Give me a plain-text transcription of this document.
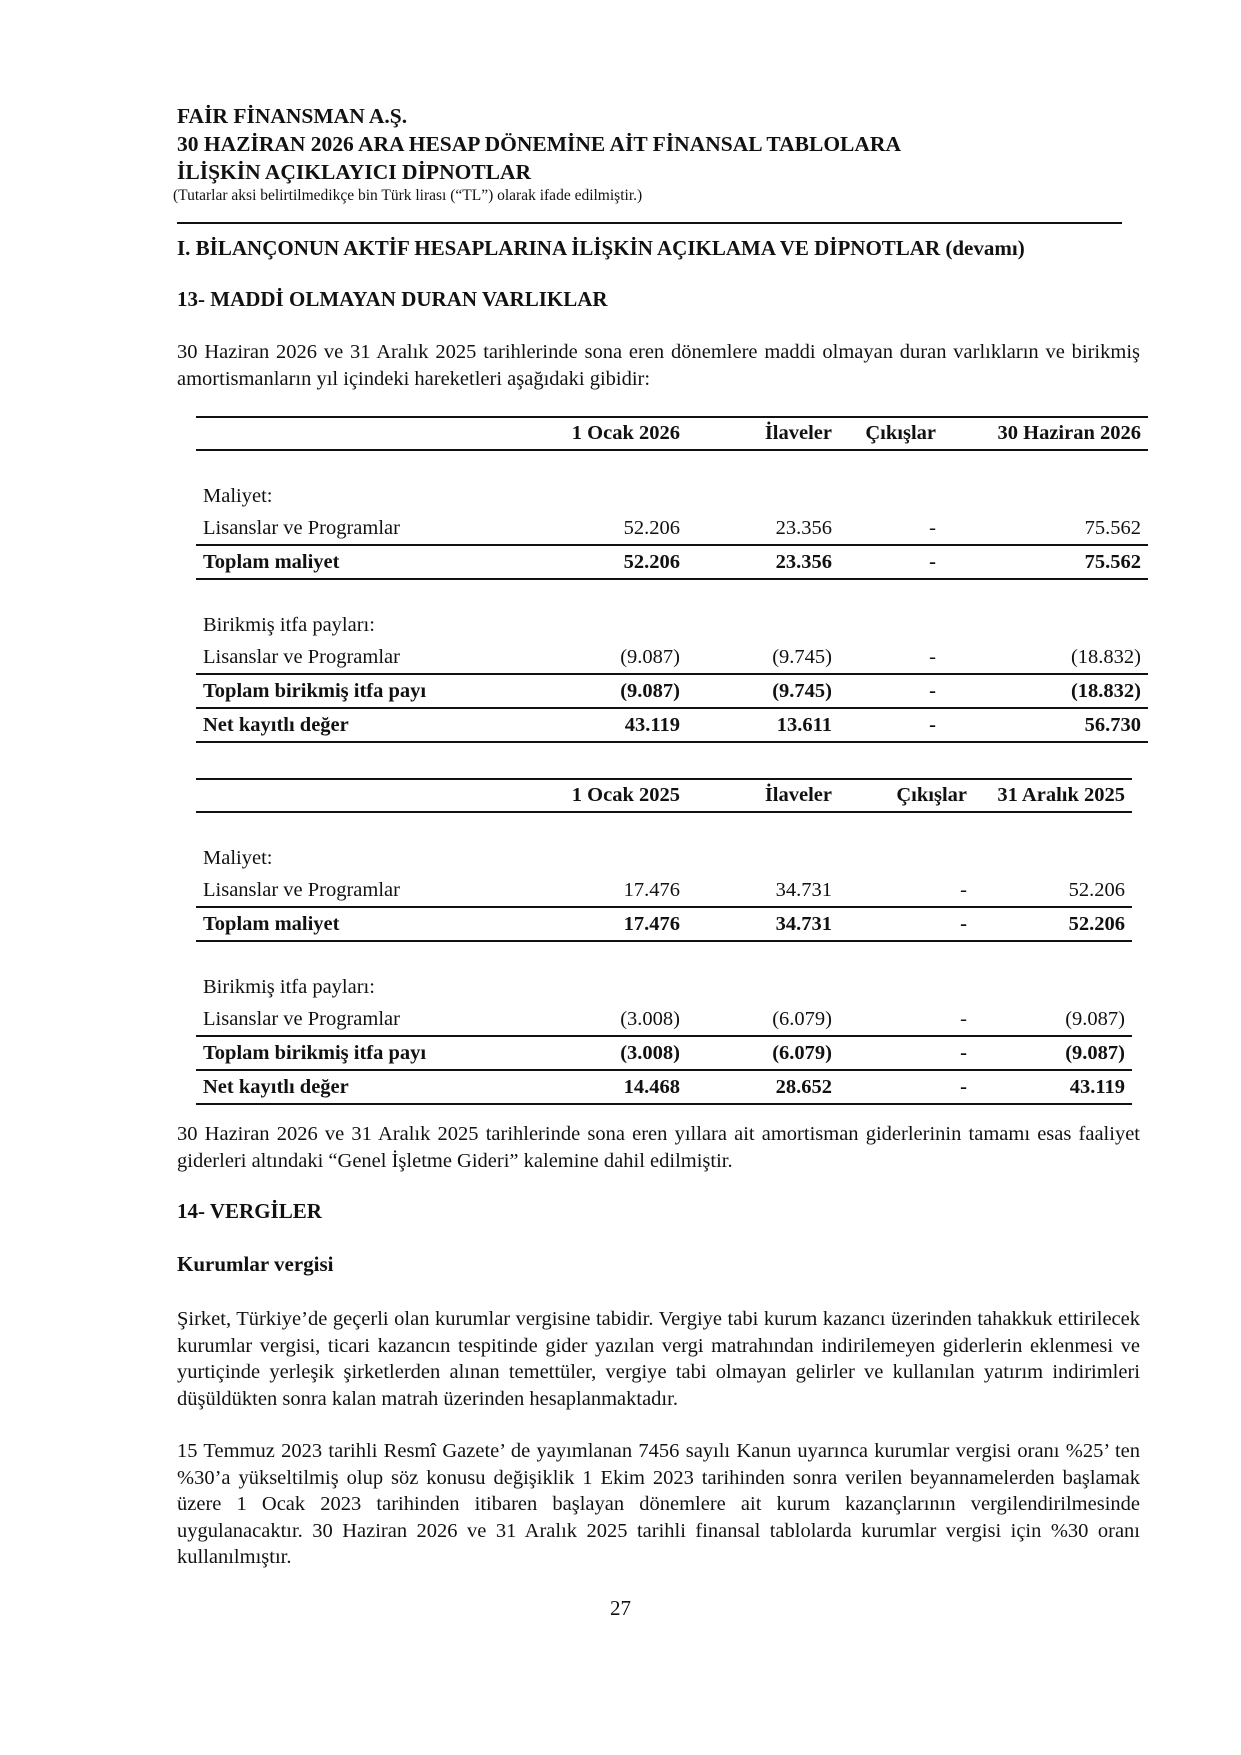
FAİR FİNANSMAN A.Ş.
30 HAZİRAN 2026 ARA HESAP DÖNEMİNE AİT FİNANSAL TABLOLARA
İLİŞKİN AÇIKLAYICI DİPNOTLAR
(Tutarlar aksi belirtilmedikçe bin Türk lirası (“TL”) olarak ifade edilmiştir.)
I. BİLANÇONUN AKTİF HESAPLARINA İLİŞKİN AÇIKLAMA VE DİPNOTLAR (devamı)
13- MADDİ OLMAYAN DURAN VARLIKLAR
30 Haziran 2026 ve 31 Aralık 2025 tarihlerinde sona eren dönemlere maddi olmayan duran varlıkların ve birikmiş amortismanların yıl içindeki hareketleri aşağıdaki gibidir:
	1 Ocak 2026	İlaveler	Çıkışlar	30 Haziran 2026

Maliyet:				
Lisanslar ve Programlar	52.206	23.356	-	75.562
Toplam maliyet	52.206	23.356	-	75.562

Birikmiş itfa payları:				
Lisanslar ve Programlar	(9.087)	(9.745)	-	(18.832)
Toplam birikmiş itfa payı	(9.087)	(9.745)	-	(18.832)
Net kayıtlı değer	43.119	13.611	-	56.730
	1 Ocak 2025	İlaveler	Çıkışlar	31 Aralık 2025

Maliyet:				
Lisanslar ve Programlar	17.476	34.731	-	52.206
Toplam maliyet	17.476	34.731	-	52.206

Birikmiş itfa payları:				
Lisanslar ve Programlar	(3.008)	(6.079)	-	(9.087)
Toplam birikmiş itfa payı	(3.008)	(6.079)	-	(9.087)
Net kayıtlı değer	14.468	28.652	-	43.119
30 Haziran 2026 ve 31 Aralık 2025 tarihlerinde sona eren yıllara ait amortisman giderlerinin tamamı esas faaliyet giderleri altındaki “Genel İşletme Gideri” kalemine dahil edilmiştir.
14- VERGİLER
Kurumlar vergisi
Şirket, Türkiye’de geçerli olan kurumlar vergisine tabidir. Vergiye tabi kurum kazancı üzerinden tahakkuk ettirilecek kurumlar vergisi, ticari kazancın tespitinde gider yazılan vergi matrahından indirilemeyen giderlerin eklenmesi ve yurtiçinde yerleşik şirketlerden alınan temettüler, vergiye tabi olmayan gelirler ve kullanılan yatırım indirimleri düşüldükten sonra kalan matrah üzerinden hesaplanmaktadır.
15 Temmuz 2023 tarihli Resmî Gazete’ de yayımlanan 7456 sayılı Kanun uyarınca kurumlar vergisi oranı %25’ ten %30’a yükseltilmiş olup söz konusu değişiklik 1 Ekim 2023 tarihinden sonra verilen beyannamelerden başlamak üzere 1 Ocak 2023 tarihinden itibaren başlayan dönemlere ait kurum kazançlarının vergilendirilmesinde uygulanacaktır. 30 Haziran 2026 ve 31 Aralık 2025 tarihli finansal tablolarda kurumlar vergisi için %30 oranı kullanılmıştır.
27
